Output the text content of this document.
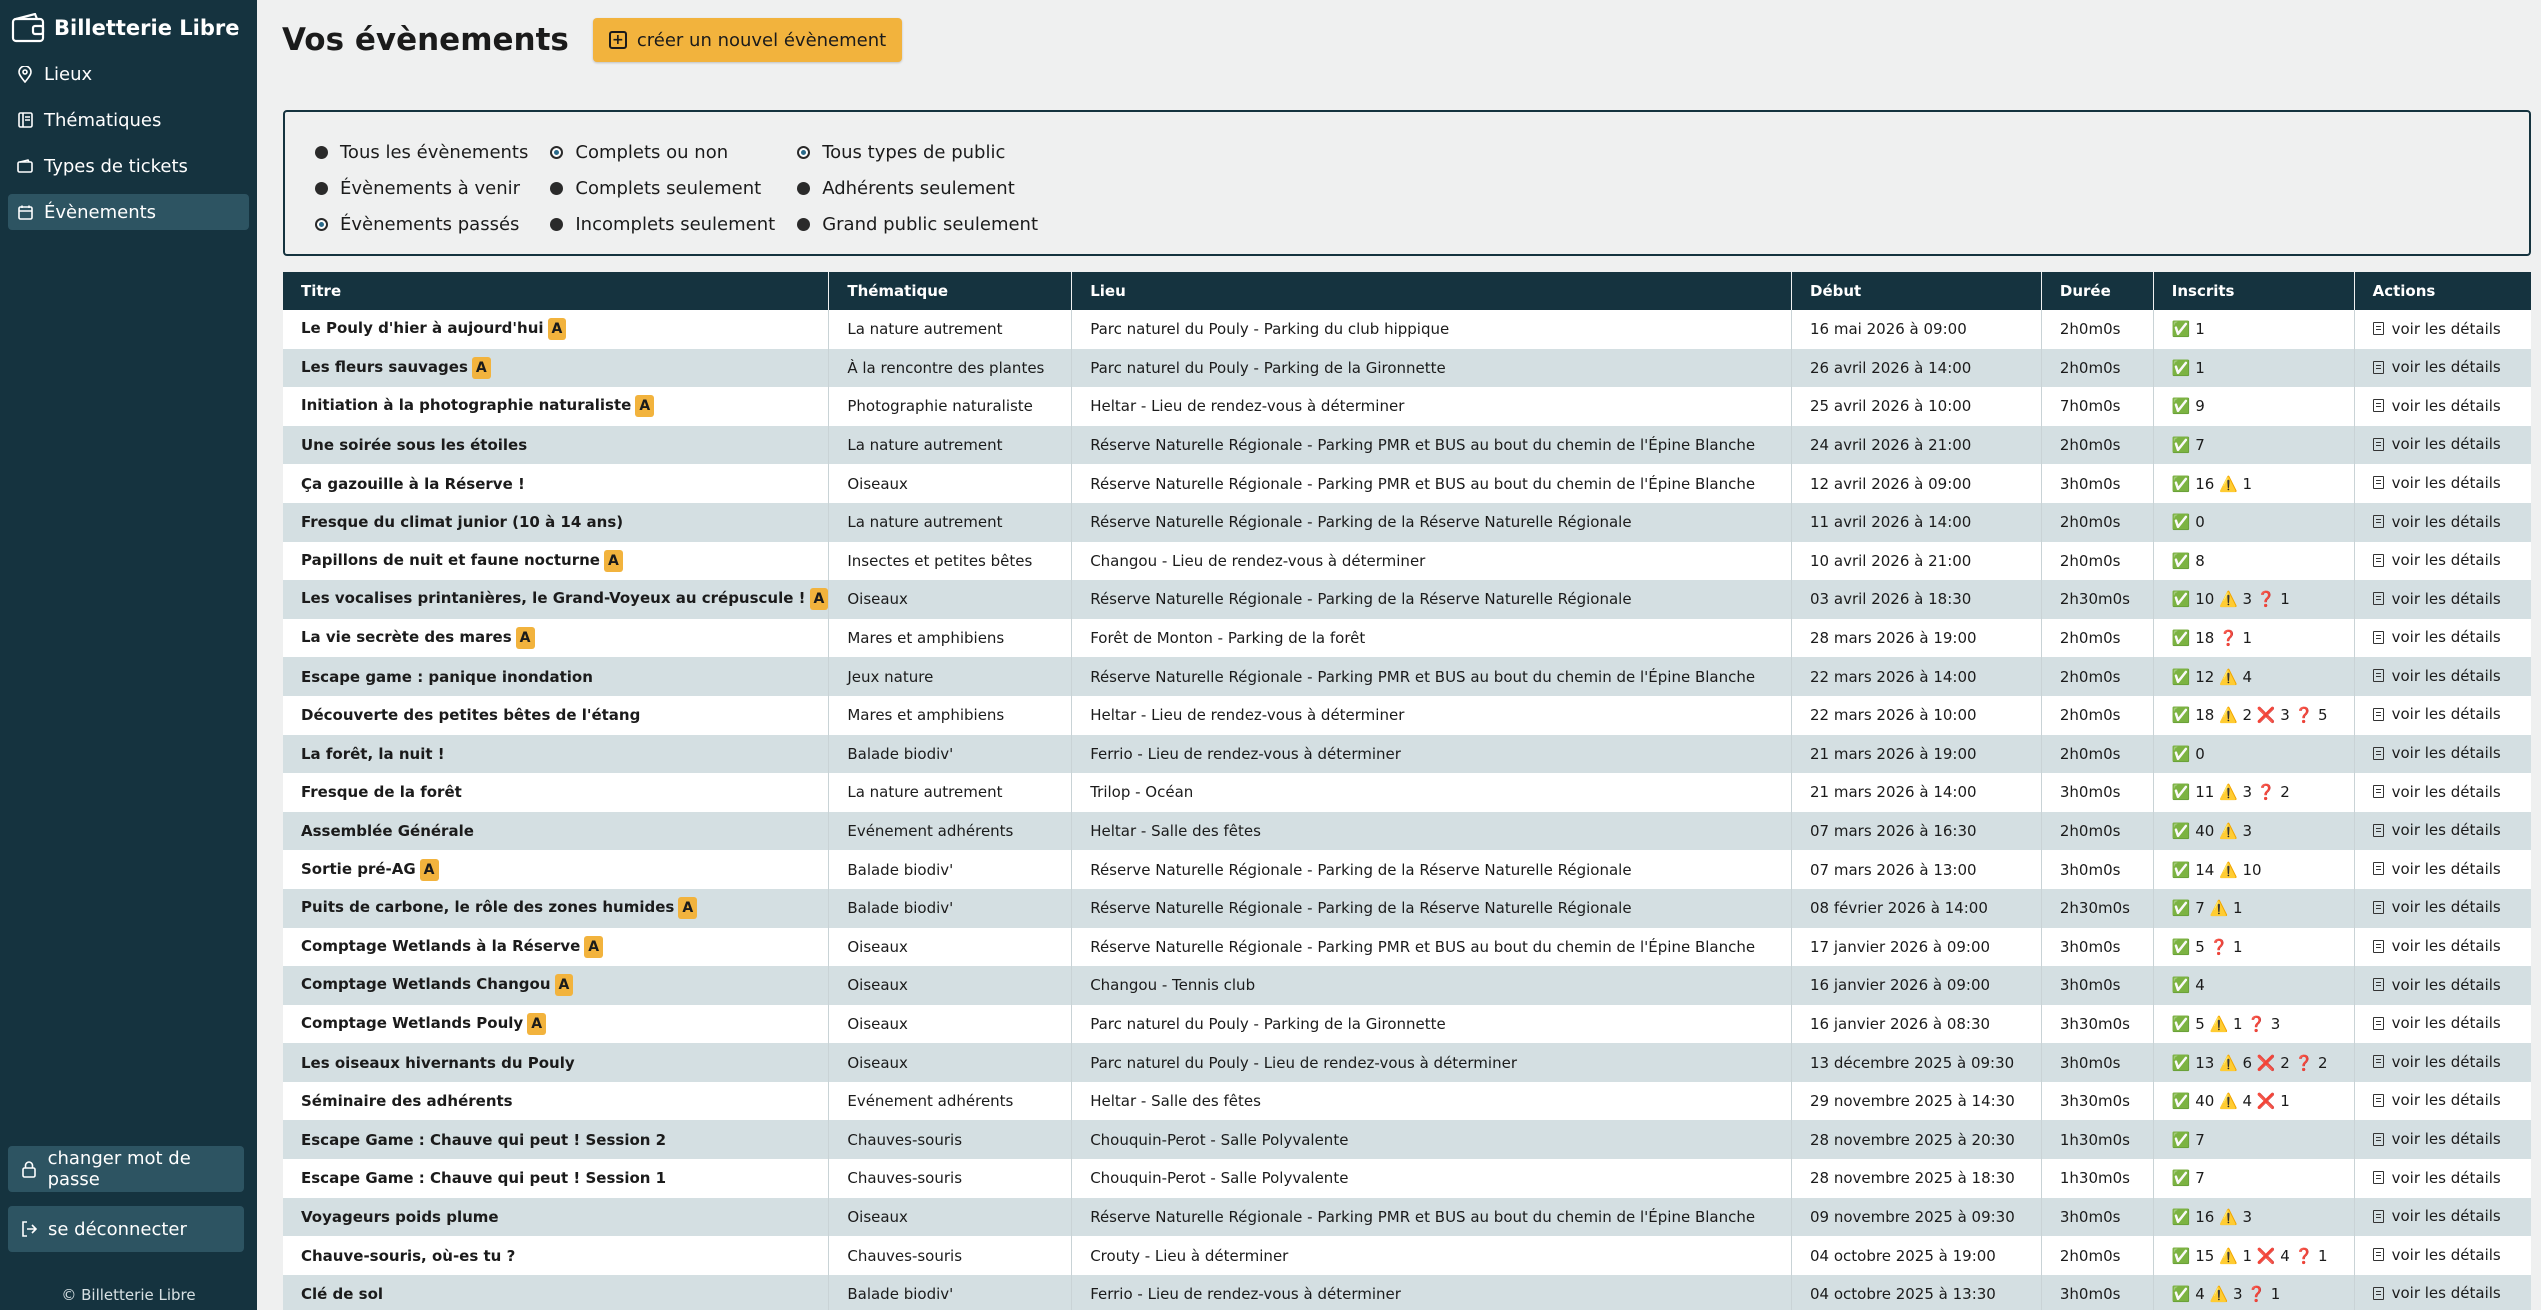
Billetterie Libre
Lieux
Thématiques
Types de tickets
Évènements
changer mot de passe
se déconnecter
© Billetterie Libre
Vos évènements	+ créer un nouvel évènement
Tous les évènements
Évènements à venir
Évènements passés
Complets ou non
Complets seulement
Incomplets seulement
Tous types de public
Adhérents seulement
Grand public seulement
Titre	Thématique	Lieu	Début	Durée	Inscrits	Actions
Le Pouly d'hier à aujourd'hui A	La nature autrement	Parc naturel du Pouly - Parking du club hippique	16 mai 2026 à 09:00	2h0m0s	✅ 1	voir les détails

Les fleurs sauvages A	À la rencontre des plantes	Parc naturel du Pouly - Parking de la Gironnette	26 avril 2026 à 14:00	2h0m0s	✅ 1	voir les détails

Initiation à la photographie naturaliste A	Photographie naturaliste	Heltar - Lieu de rendez-vous à déterminer	25 avril 2026 à 10:00	7h0m0s	✅ 9	voir les détails

Une soirée sous les étoiles	La nature autrement	Réserve Naturelle Régionale - Parking PMR et BUS au bout du chemin de l'Épine Blanche	24 avril 2026 à 21:00	2h0m0s	✅ 7	voir les détails

Ça gazouille à la Réserve !	Oiseaux	Réserve Naturelle Régionale - Parking PMR et BUS au bout du chemin de l'Épine Blanche	12 avril 2026 à 09:00	3h0m0s	✅ 16 ⚠️ 1	voir les détails

Fresque du climat junior (10 à 14 ans)	La nature autrement	Réserve Naturelle Régionale - Parking de la Réserve Naturelle Régionale	11 avril 2026 à 14:00	2h0m0s	✅ 0	voir les détails

Papillons de nuit et faune nocturne A	Insectes et petites bêtes	Changou - Lieu de rendez-vous à déterminer	10 avril 2026 à 21:00	2h0m0s	✅ 8	voir les détails

Les vocalises printanières, le Grand-Voyeux au crépuscule ! A	Oiseaux	Réserve Naturelle Régionale - Parking de la Réserve Naturelle Régionale	03 avril 2026 à 18:30	2h30m0s	✅ 10 ⚠️ 3 ❓ 1	voir les détails

La vie secrète des mares A	Mares et amphibiens	Forêt de Monton - Parking de la forêt	28 mars 2026 à 19:00	2h0m0s	✅ 18 ❓ 1	voir les détails

Escape game : panique inondation	Jeux nature	Réserve Naturelle Régionale - Parking PMR et BUS au bout du chemin de l'Épine Blanche	22 mars 2026 à 14:00	2h0m0s	✅ 12 ⚠️ 4	voir les détails

Découverte des petites bêtes de l'étang	Mares et amphibiens	Heltar - Lieu de rendez-vous à déterminer	22 mars 2026 à 10:00	2h0m0s	✅ 18 ⚠️ 2 ❌ 3 ❓ 5	voir les détails

La forêt, la nuit !	Balade biodiv'	Ferrio - Lieu de rendez-vous à déterminer	21 mars 2026 à 19:00	2h0m0s	✅ 0	voir les détails

Fresque de la forêt	La nature autrement	Trilop - Océan	21 mars 2026 à 14:00	3h0m0s	✅ 11 ⚠️ 3 ❓ 2	voir les détails

Assemblée Générale	Evénement adhérents	Heltar - Salle des fêtes	07 mars 2026 à 16:30	2h0m0s	✅ 40 ⚠️ 3	voir les détails

Sortie pré-AG A	Balade biodiv'	Réserve Naturelle Régionale - Parking de la Réserve Naturelle Régionale	07 mars 2026 à 13:00	3h0m0s	✅ 14 ⚠️ 10	voir les détails

Puits de carbone, le rôle des zones humides A	Balade biodiv'	Réserve Naturelle Régionale - Parking de la Réserve Naturelle Régionale	08 février 2026 à 14:00	2h30m0s	✅ 7 ⚠️ 1	voir les détails

Comptage Wetlands à la Réserve A	Oiseaux	Réserve Naturelle Régionale - Parking PMR et BUS au bout du chemin de l'Épine Blanche	17 janvier 2026 à 09:00	3h0m0s	✅ 5 ❓ 1	voir les détails

Comptage Wetlands Changou A	Oiseaux	Changou - Tennis club	16 janvier 2026 à 09:00	3h0m0s	✅ 4	voir les détails

Comptage Wetlands Pouly A	Oiseaux	Parc naturel du Pouly - Parking de la Gironnette	16 janvier 2026 à 08:30	3h30m0s	✅ 5 ⚠️ 1 ❓ 3	voir les détails

Les oiseaux hivernants du Pouly	Oiseaux	Parc naturel du Pouly - Lieu de rendez-vous à déterminer	13 décembre 2025 à 09:30	3h0m0s	✅ 13 ⚠️ 6 ❌ 2 ❓ 2	voir les détails

Séminaire des adhérents	Evénement adhérents	Heltar - Salle des fêtes	29 novembre 2025 à 14:30	3h30m0s	✅ 40 ⚠️ 4 ❌ 1	voir les détails

Escape Game : Chauve qui peut ! Session 2	Chauves-souris	Chouquin-Perot - Salle Polyvalente	28 novembre 2025 à 20:30	1h30m0s	✅ 7	voir les détails

Escape Game : Chauve qui peut ! Session 1	Chauves-souris	Chouquin-Perot - Salle Polyvalente	28 novembre 2025 à 18:30	1h30m0s	✅ 7	voir les détails

Voyageurs poids plume	Oiseaux	Réserve Naturelle Régionale - Parking PMR et BUS au bout du chemin de l'Épine Blanche	09 novembre 2025 à 09:30	3h0m0s	✅ 16 ⚠️ 3	voir les détails

Chauve-souris, où-es tu ?	Chauves-souris	Crouty - Lieu à déterminer	04 octobre 2025 à 19:00	2h0m0s	✅ 15 ⚠️ 1 ❌ 4 ❓ 1	voir les détails

Clé de sol	Balade biodiv'	Ferrio - Lieu de rendez-vous à déterminer	04 octobre 2025 à 13:30	3h0m0s	✅ 4 ⚠️ 3 ❓ 1	voir les détails
